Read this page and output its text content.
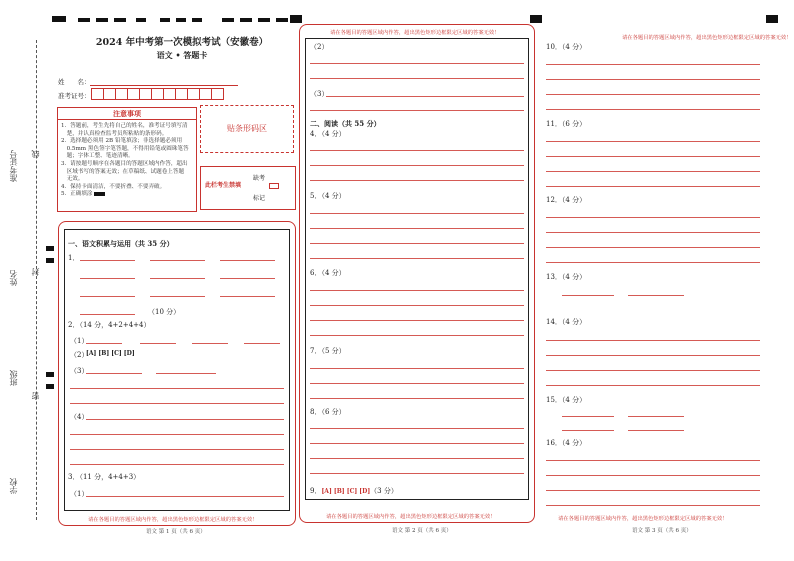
准考证号
姓名
班级
学校
线
封
密
2024 年中考第一次模拟考试（安徽卷）
语文 • 答题卡
姓　　名：
准考证号：
注意事项

1．答题前，考生先将自己的姓名，准考证号填写清

　楚，并认真检查监考员所粘贴的条形码。

2．选择题必须用 2B 铅笔填涂；非选择题必须用

　0.5mm 黑色签字笔答题，不得用铅笔或圆珠笔答

　题；字体工整、笔迹清晰。

3．请按题号顺序在各题目的答题区域内作答，超出

　区域书写的答案无效；在草稿纸、试题卷上答题

　无效。

4．保持卡面清洁，不要折叠、不要弄破。

5．正确填涂

贴条形码区
此栏考生禁填
缺考
标记
一、语文积累与运用（共 35 分）
1．
（10 分）
2．（14 分，4+2+4+4）
（1）
（2）
[A] [B] [C] [D]
（3）
（4）
3．（11 分，4+4+3）
（1）
请在各题目的答题区域内作答，超出黑色矩形边框限定区域的答案无效！
语文 第 1 页（共 6 页）
请在各题目的答题区域内作答，超出黑色矩形边框限定区域的答案无效！
（2）
（3）
二、阅读（共 55 分）
4．（4 分）
5．（4 分）
6．（4 分）
7．（5 分）
8．（6 分）
9．[A] [B] [C] [D]（3 分）
请在各题目的答题区域内作答，超出黑色矩形边框限定区域的答案无效！
语文 第 2 页（共 6 页）
请在各题目的答题区域内作答，超出黑色矩形边框限定区域的答案无效！
10．（4 分）
11．（6 分）
12．（4 分）
13．（4 分）
14．（4 分）
15．（4 分）
16．（4 分）
请在各题目的答题区域内作答，超出黑色矩形边框限定区域的答案无效！
语文 第 3 页（共 6 页）
